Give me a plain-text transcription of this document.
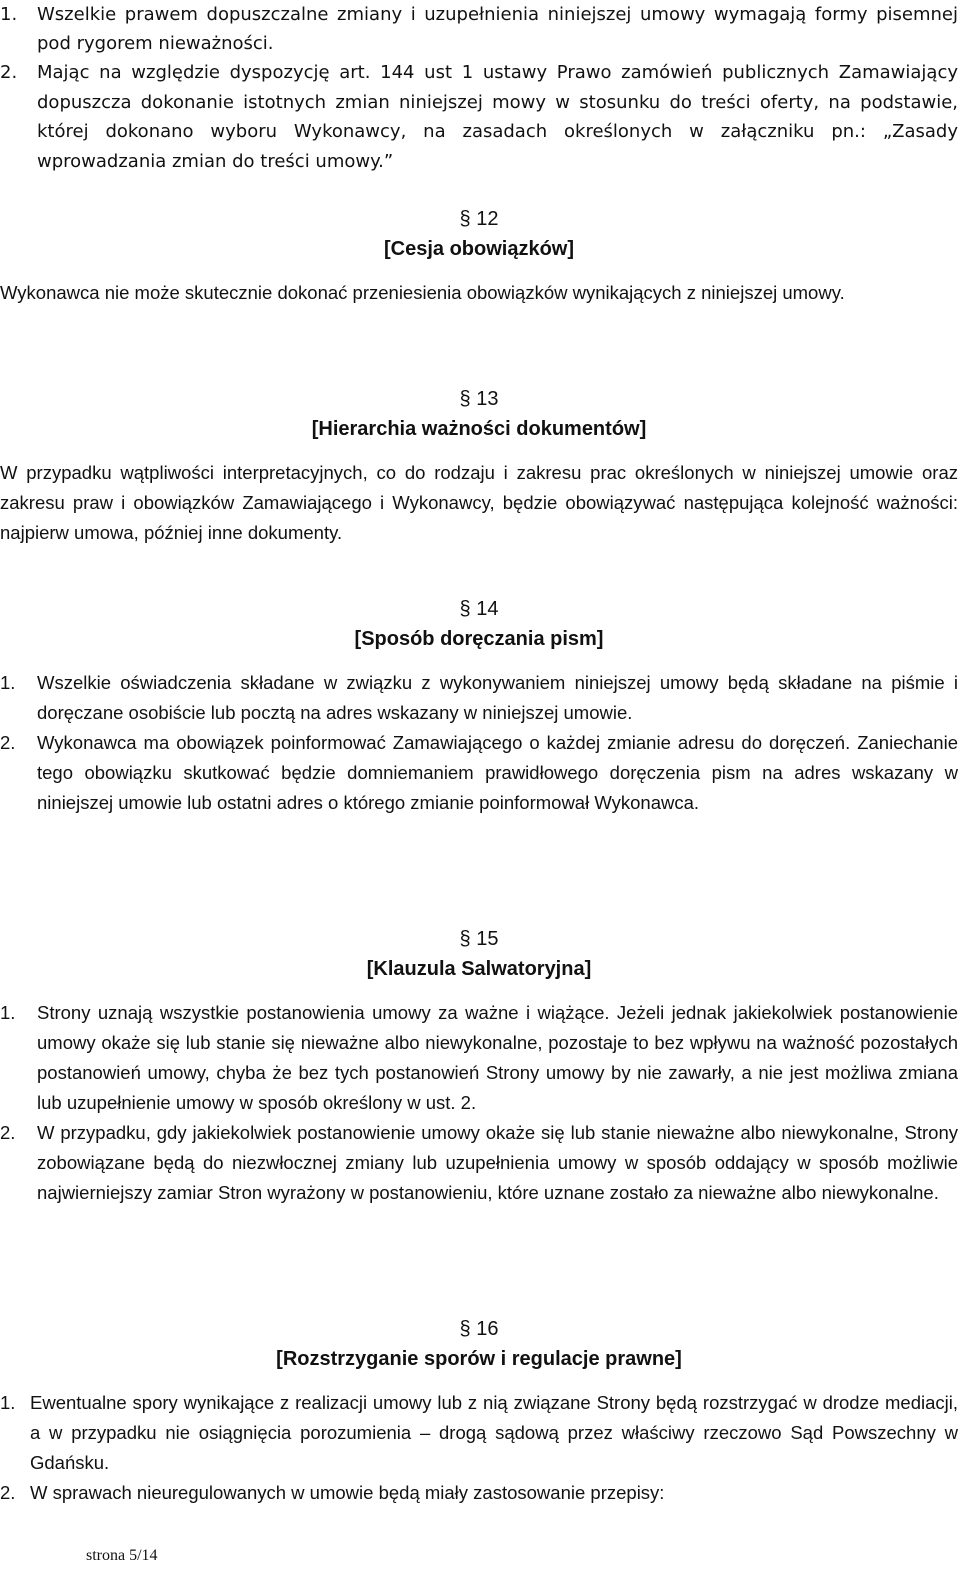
1. Wszelkie prawem dopuszczalne zmiany i uzupełnienia niniejszej umowy wymagają formy pisemnej pod rygorem nieważności.
2. Mając na względzie dyspozycję art. 144 ust 1 ustawy Prawo zamówień publicznych Zamawiający dopuszcza dokonanie istotnych zmian niniejszej mowy w stosunku do treści oferty, na podstawie, której dokonano wyboru Wykonawcy, na zasadach określonych w załączniku pn.: „Zasady wprowadzania zmian do treści umowy.”
§ 12
[Cesja obowiązków]
Wykonawca nie może skutecznie dokonać przeniesienia obowiązków wynikających z niniejszej umowy.
§ 13
[Hierarchia ważności dokumentów]
W przypadku wątpliwości interpretacyjnych, co do rodzaju i zakresu prac określonych w niniejszej umowie oraz zakresu praw i obowiązków Zamawiającego i Wykonawcy, będzie obowiązywać następująca kolejność ważności: najpierw umowa, później inne dokumenty.
§ 14
[Sposób doręczania pism]
1. Wszelkie oświadczenia składane w związku z wykonywaniem niniejszej umowy będą składane na piśmie i doręczane osobiście lub pocztą na adres wskazany w niniejszej umowie.
2. Wykonawca ma obowiązek poinformować Zamawiającego o każdej zmianie adresu do doręczeń. Zaniechanie tego obowiązku skutkować będzie domniemaniem prawidłowego doręczenia pism na adres wskazany w niniejszej umowie lub ostatni adres o którego zmianie poinformował Wykonawca.
§ 15
[Klauzula Salwatoryjna]
1. Strony uznają wszystkie postanowienia umowy za ważne i wiążące. Jeżeli jednak jakiekolwiek postanowienie umowy okaże się lub stanie się nieważne albo niewykonalne, pozostaje to bez wpływu na ważność pozostałych postanowień umowy, chyba że bez tych postanowień Strony umowy by nie zawarły, a nie jest możliwa zmiana lub uzupełnienie umowy w sposób określony w ust. 2.
2. W przypadku, gdy jakiekolwiek postanowienie umowy okaże się lub stanie nieważne albo niewykonalne, Strony zobowiązane będą do niezwłocznej zmiany lub uzupełnienia umowy w sposób oddający w sposób możliwie najwierniejszy zamiar Stron wyrażony w postanowieniu, które uznane zostało za nieważne albo niewykonalne.
§ 16
[Rozstrzyganie sporów i regulacje prawne]
1. Ewentualne spory wynikające z realizacji umowy lub z nią związane Strony będą rozstrzygać w drodze mediacji, a w przypadku nie osiągnięcia porozumienia – drogą sądową przez właściwy rzeczowo Sąd Powszechny w Gdańsku.
2. W sprawach nieuregulowanych w umowie będą miały zastosowanie przepisy:
strona 5/14
